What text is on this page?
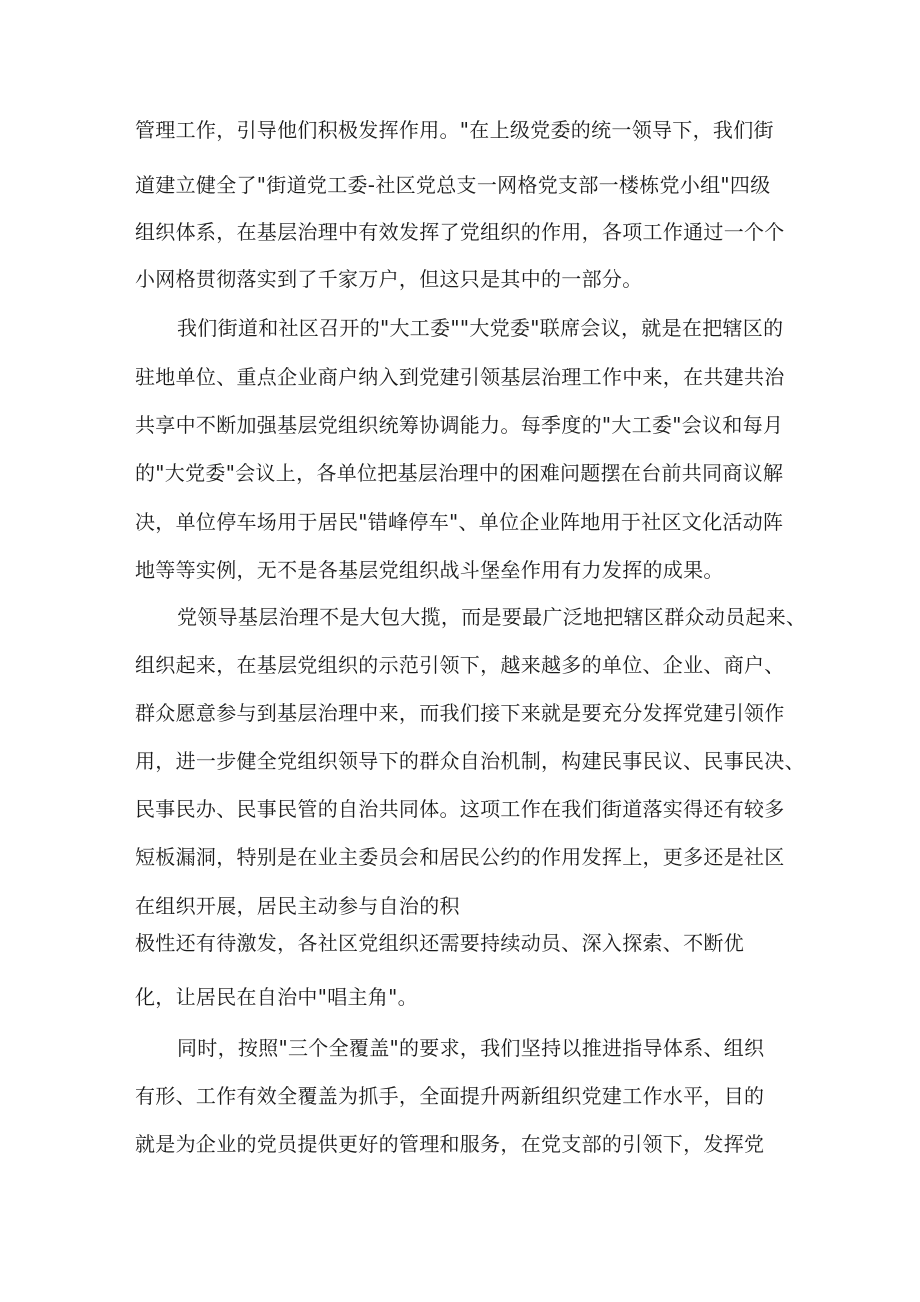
管理工作，引导他们积极发挥作用。"在上级党委的统一领导下，我们街
道建立健全了"街道党工委-社区党总支一网格党支部一楼栋党小组"四级
组织体系，在基层治理中有效发挥了党组织的作用，各项工作通过一个个
小网格贯彻落实到了千家万户，但这只是其中的一部分。
我们街道和社区召开的"大工委""大党委"联席会议，就是在把辖区的
驻地单位、重点企业商户纳入到党建引领基层治理工作中来，在共建共治
共享中不断加强基层党组织统筹协调能力。每季度的"大工委"会议和每月
的"大党委"会议上，各单位把基层治理中的困难问题摆在台前共同商议解
决，单位停车场用于居民"错峰停车"、单位企业阵地用于社区文化活动阵
地等等实例，无不是各基层党组织战斗堡垒作用有力发挥的成果。
党领导基层治理不是大包大揽，而是要最广泛地把辖区群众动员起来、
组织起来，在基层党组织的示范引领下，越来越多的单位、企业、商户、
群众愿意参与到基层治理中来，而我们接下来就是要充分发挥党建引领作
用，进一步健全党组织领导下的群众自治机制，构建民事民议、民事民决、
民事民办、民事民管的自治共同体。这项工作在我们街道落实得还有较多
短板漏洞，特别是在业主委员会和居民公约的作用发挥上，更多还是社区
在组织开展，居民主动参与自治的积
极性还有待激发，各社区党组织还需要持续动员、深入探索、不断优
化，让居民在自治中"唱主角"。
同时，按照"三个全覆盖"的要求，我们坚持以推进指导体系、组织
有形、工作有效全覆盖为抓手，全面提升两新组织党建工作水平，目的
就是为企业的党员提供更好的管理和服务，在党支部的引领下，发挥党
